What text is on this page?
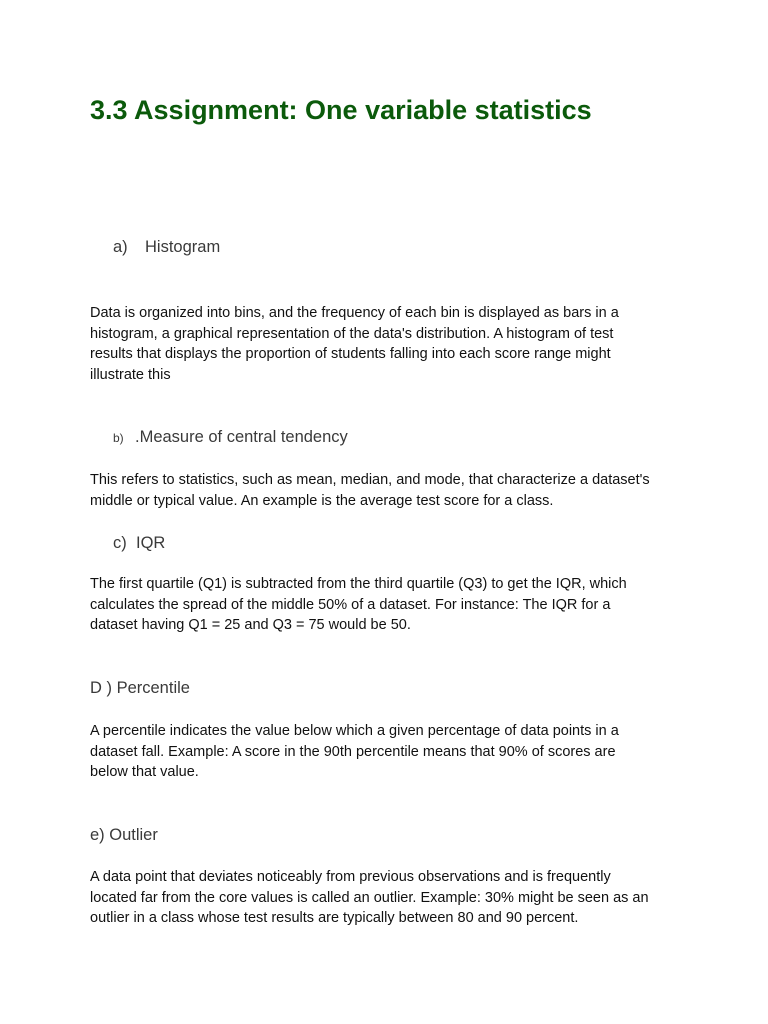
3.3 Assignment: One variable statistics
a) Histogram

Data is organized into bins, and the frequency of each bin is displayed as bars in a
histogram, a graphical representation of the data's distribution. A histogram of test
results that displays the proportion of students falling into each score range might
illustrate this

b) .Measure of central tendency

This refers to statistics, such as mean, median, and mode, that characterize a dataset's
middle or typical value. An example is the average test score for a class.

c) IQR

The first quartile (Q1) is subtracted from the third quartile (Q3) to get the IQR, which
calculates the spread of the middle 50% of a dataset. For instance: The IQR for a
dataset having Q1 = 25 and Q3 = 75 would be 50.

D ) Percentile

A percentile indicates the value below which a given percentage of data points in a
dataset fall. Example: A score in the 90th percentile means that 90% of scores are
below that value.

e) Outlier

A data point that deviates noticeably from previous observations and is frequently
located far from the core values is called an outlier. Example: 30% might be seen as an
outlier in a class whose test results are typically between 80 and 90 percent.
